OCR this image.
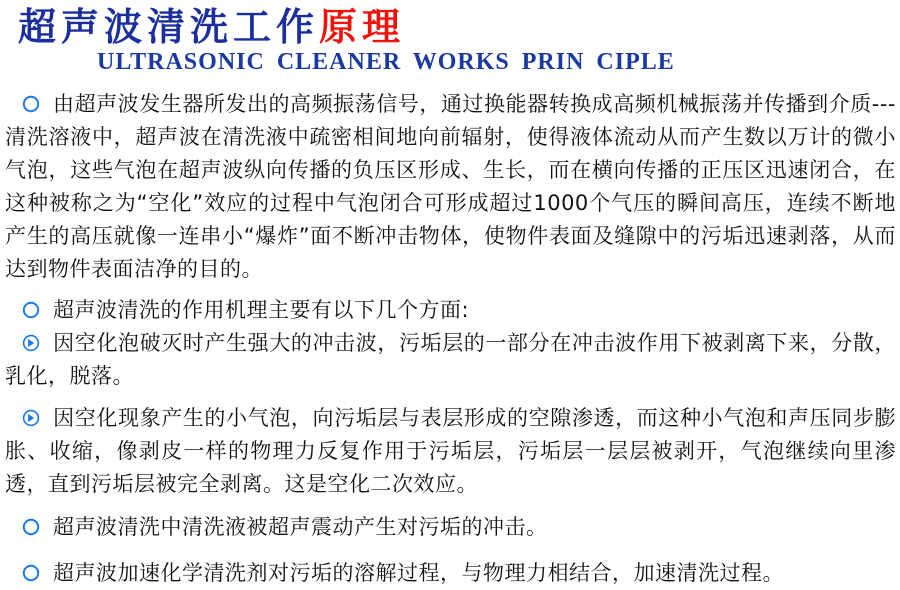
超声波清洗工作原理
ULTRASONIC CLEANER WORKS PRIN CIPLE

由超声波发生器所发出的高频振荡信号，通过换能器转换成高频机械振荡并传播到介质---清洗溶液中，超声波在清洗液中疏密相间地向前辐射，使得液体流动从而产生数以万计的微小气泡，这些气泡在超声波纵向传播的负压区形成、生长，而在横向传播的正压区迅速闭合，在这种被称之为“空化”效应的过程中气泡闭合可形成超过1000个气压的瞬间高压，连续不断地产生的高压就像一连串小“爆炸”面不断冲击物体，使物件表面及缝隙中的污垢迅速剥落，从而达到物件表面洁净的目的。

超声波清洗的作用机理主要有以下几个方面:

因空化泡破灭时产生强大的冲击波，污垢层的一部分在冲击波作用下被剥离下来，分散，乳化，脱落。

因空化现象产生的小气泡，向污垢层与表层形成的空隙渗透，而这种小气泡和声压同步膨胀、收缩，像剥皮一样的物理力反复作用于污垢层，污垢层一层层被剥开，气泡继续向里渗透，直到污垢层被完全剥离。这是空化二次效应。

超声波清洗中清洗液被超声震动产生对污垢的冲击。

超声波加速化学清洗剂对污垢的溶解过程，与物理力相结合，加速清洗过程。
